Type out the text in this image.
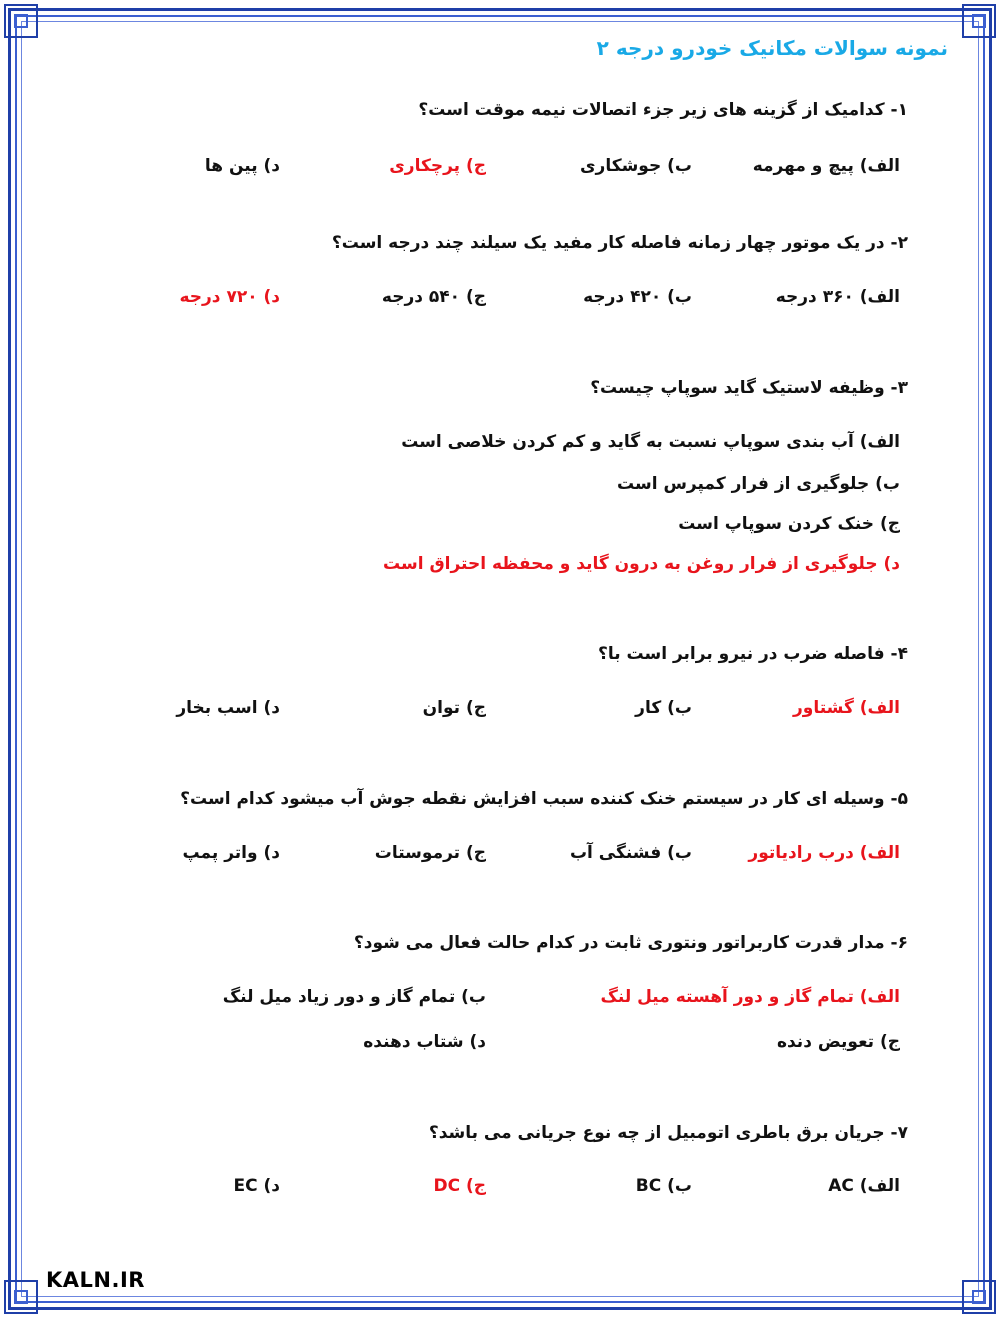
نمونه سوالات مکانیک خودرو درجه ۲
۱- کدامیک از گزینه های زیر جزء اتصالات نیمه موقت است؟
الف) پیچ و مهرمه
ب) جوشکاری
ج) پرچکاری
د) پین ها
۲- در یک موتور چهار زمانه فاصله کار مفید یک سیلند چند درجه است؟
الف) ۳۶۰ درجه
ب) ۴۲۰ درجه
ج) ۵۴۰ درجه
د) ۷۲۰ درجه
۳- وظیفه لاستیک گاید سوپاپ چیست؟
الف) آب بندی سوپاپ نسبت به گاید و کم کردن خلاصی است
ب) جلوگیری از فرار کمپرس است
ج) خنک کردن سوپاپ است
د) جلوگیری از فرار روغن به درون گاید و محفظه احتراق است
۴- فاصله ضرب در نیرو برابر است با؟
الف) گشتاور
ب) کار
ج) توان
د) اسب بخار
۵- وسیله ای کار در سیستم خنک کننده سبب افزایش نقطه جوش آب میشود کدام است؟
الف) درب رادیاتور
ب) فشنگی آب
ج) ترموستات
د) واتر پمپ
۶- مدار قدرت کاربراتور ونتوری ثابت در کدام حالت فعال می شود؟
الف) تمام گاز و دور آهسته میل لنگ
ب) تمام گاز و دور زیاد میل لنگ
ج) تعویض دنده
د) شتاب دهنده
۷- جریان برق باطری اتومبیل از چه نوع جریانی می باشد؟
الف) AC
ب) BC
ج) DC
د) EC
KALN.IR
